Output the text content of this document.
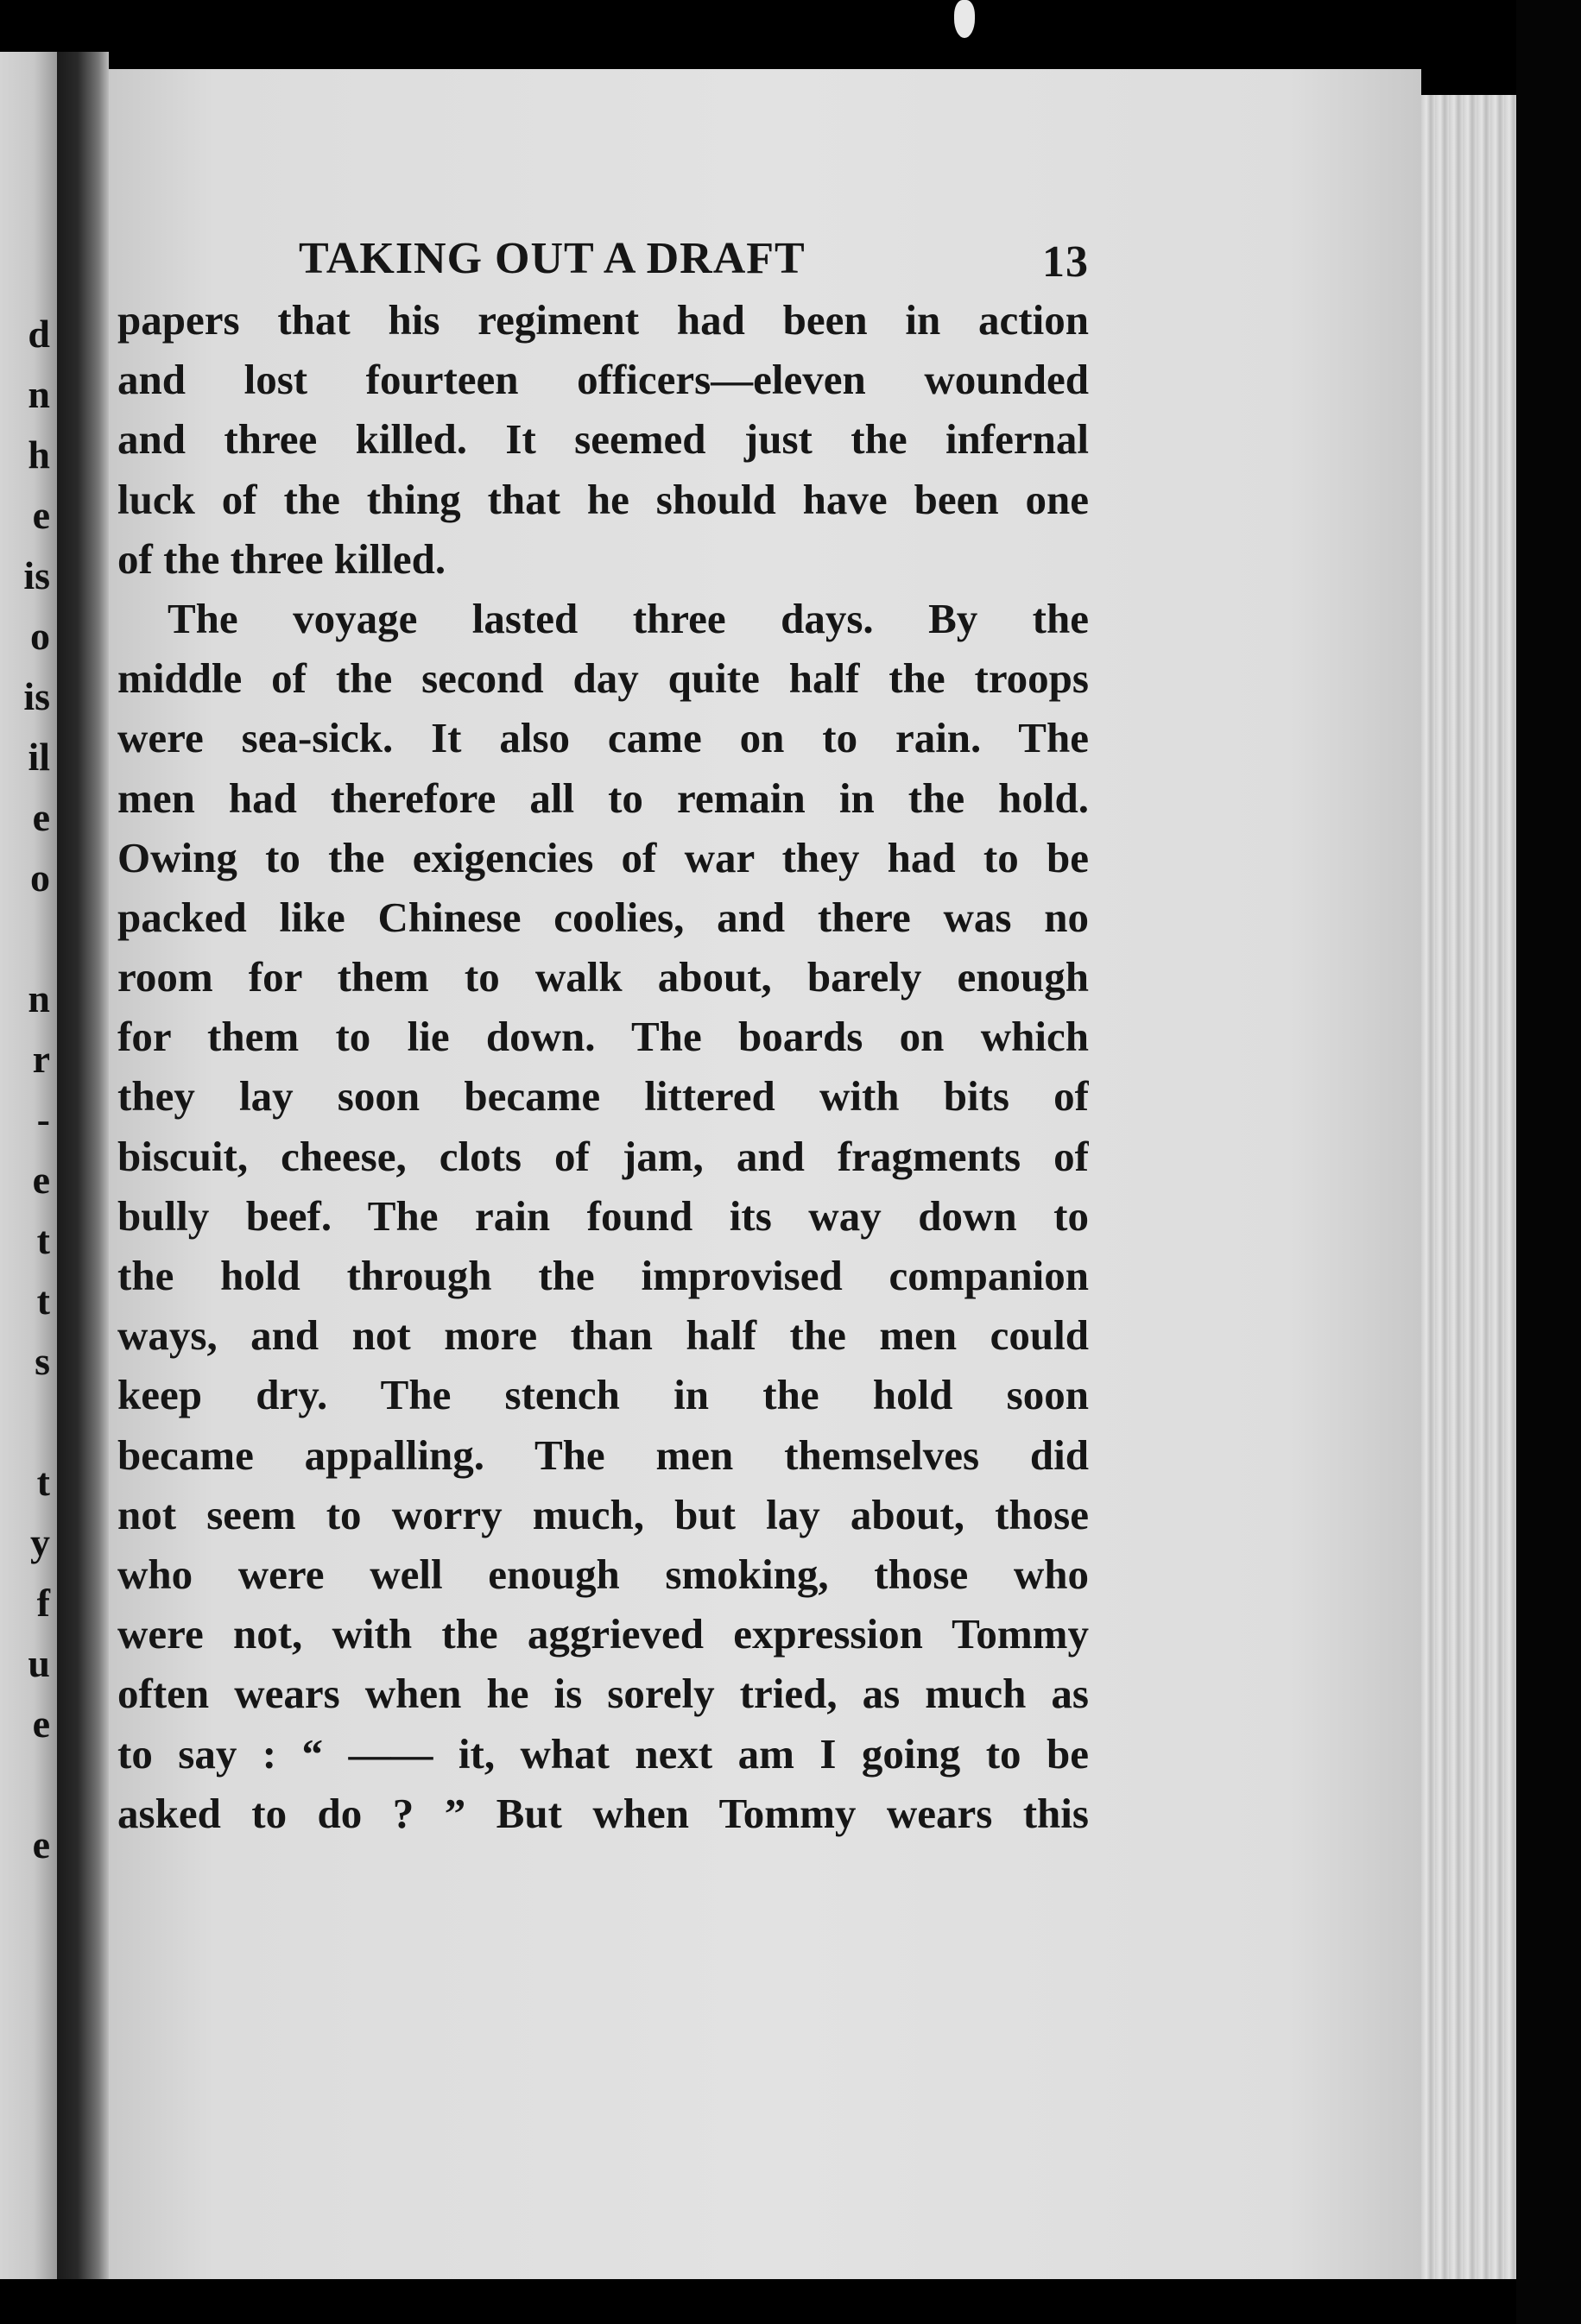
d
n
h
e
is
o
is
il
e
o
n
r
-
e
t
t
s
t
y
f
u
e
e
TAKING OUT A DRAFT	13
papers that his regiment had been in action
and lost fourteen officers—eleven wounded
and three killed. It seemed just the infernal
luck of the thing that he should have been one
of the three killed.
The voyage lasted three days. By the
middle of the second day quite half the troops
were sea-sick. It also came on to rain. The
men had therefore all to remain in the hold.
Owing to the exigencies of war they had to be
packed like Chinese coolies, and there was no
room for them to walk about, barely enough
for them to lie down. The boards on which
they lay soon became littered with bits of
biscuit, cheese, clots of jam, and fragments of
bully beef. The rain found its way down to
the hold through the improvised companion
ways, and not more than half the men could
keep dry. The stench in the hold soon
became appalling. The men themselves did
not seem to worry much, but lay about, those
who were well enough smoking, those who
were not, with the aggrieved expression Tommy
often wears when he is sorely tried, as much as
to say : “ —— it, what next am I going to be
asked to do ? ” But when Tommy wears this
